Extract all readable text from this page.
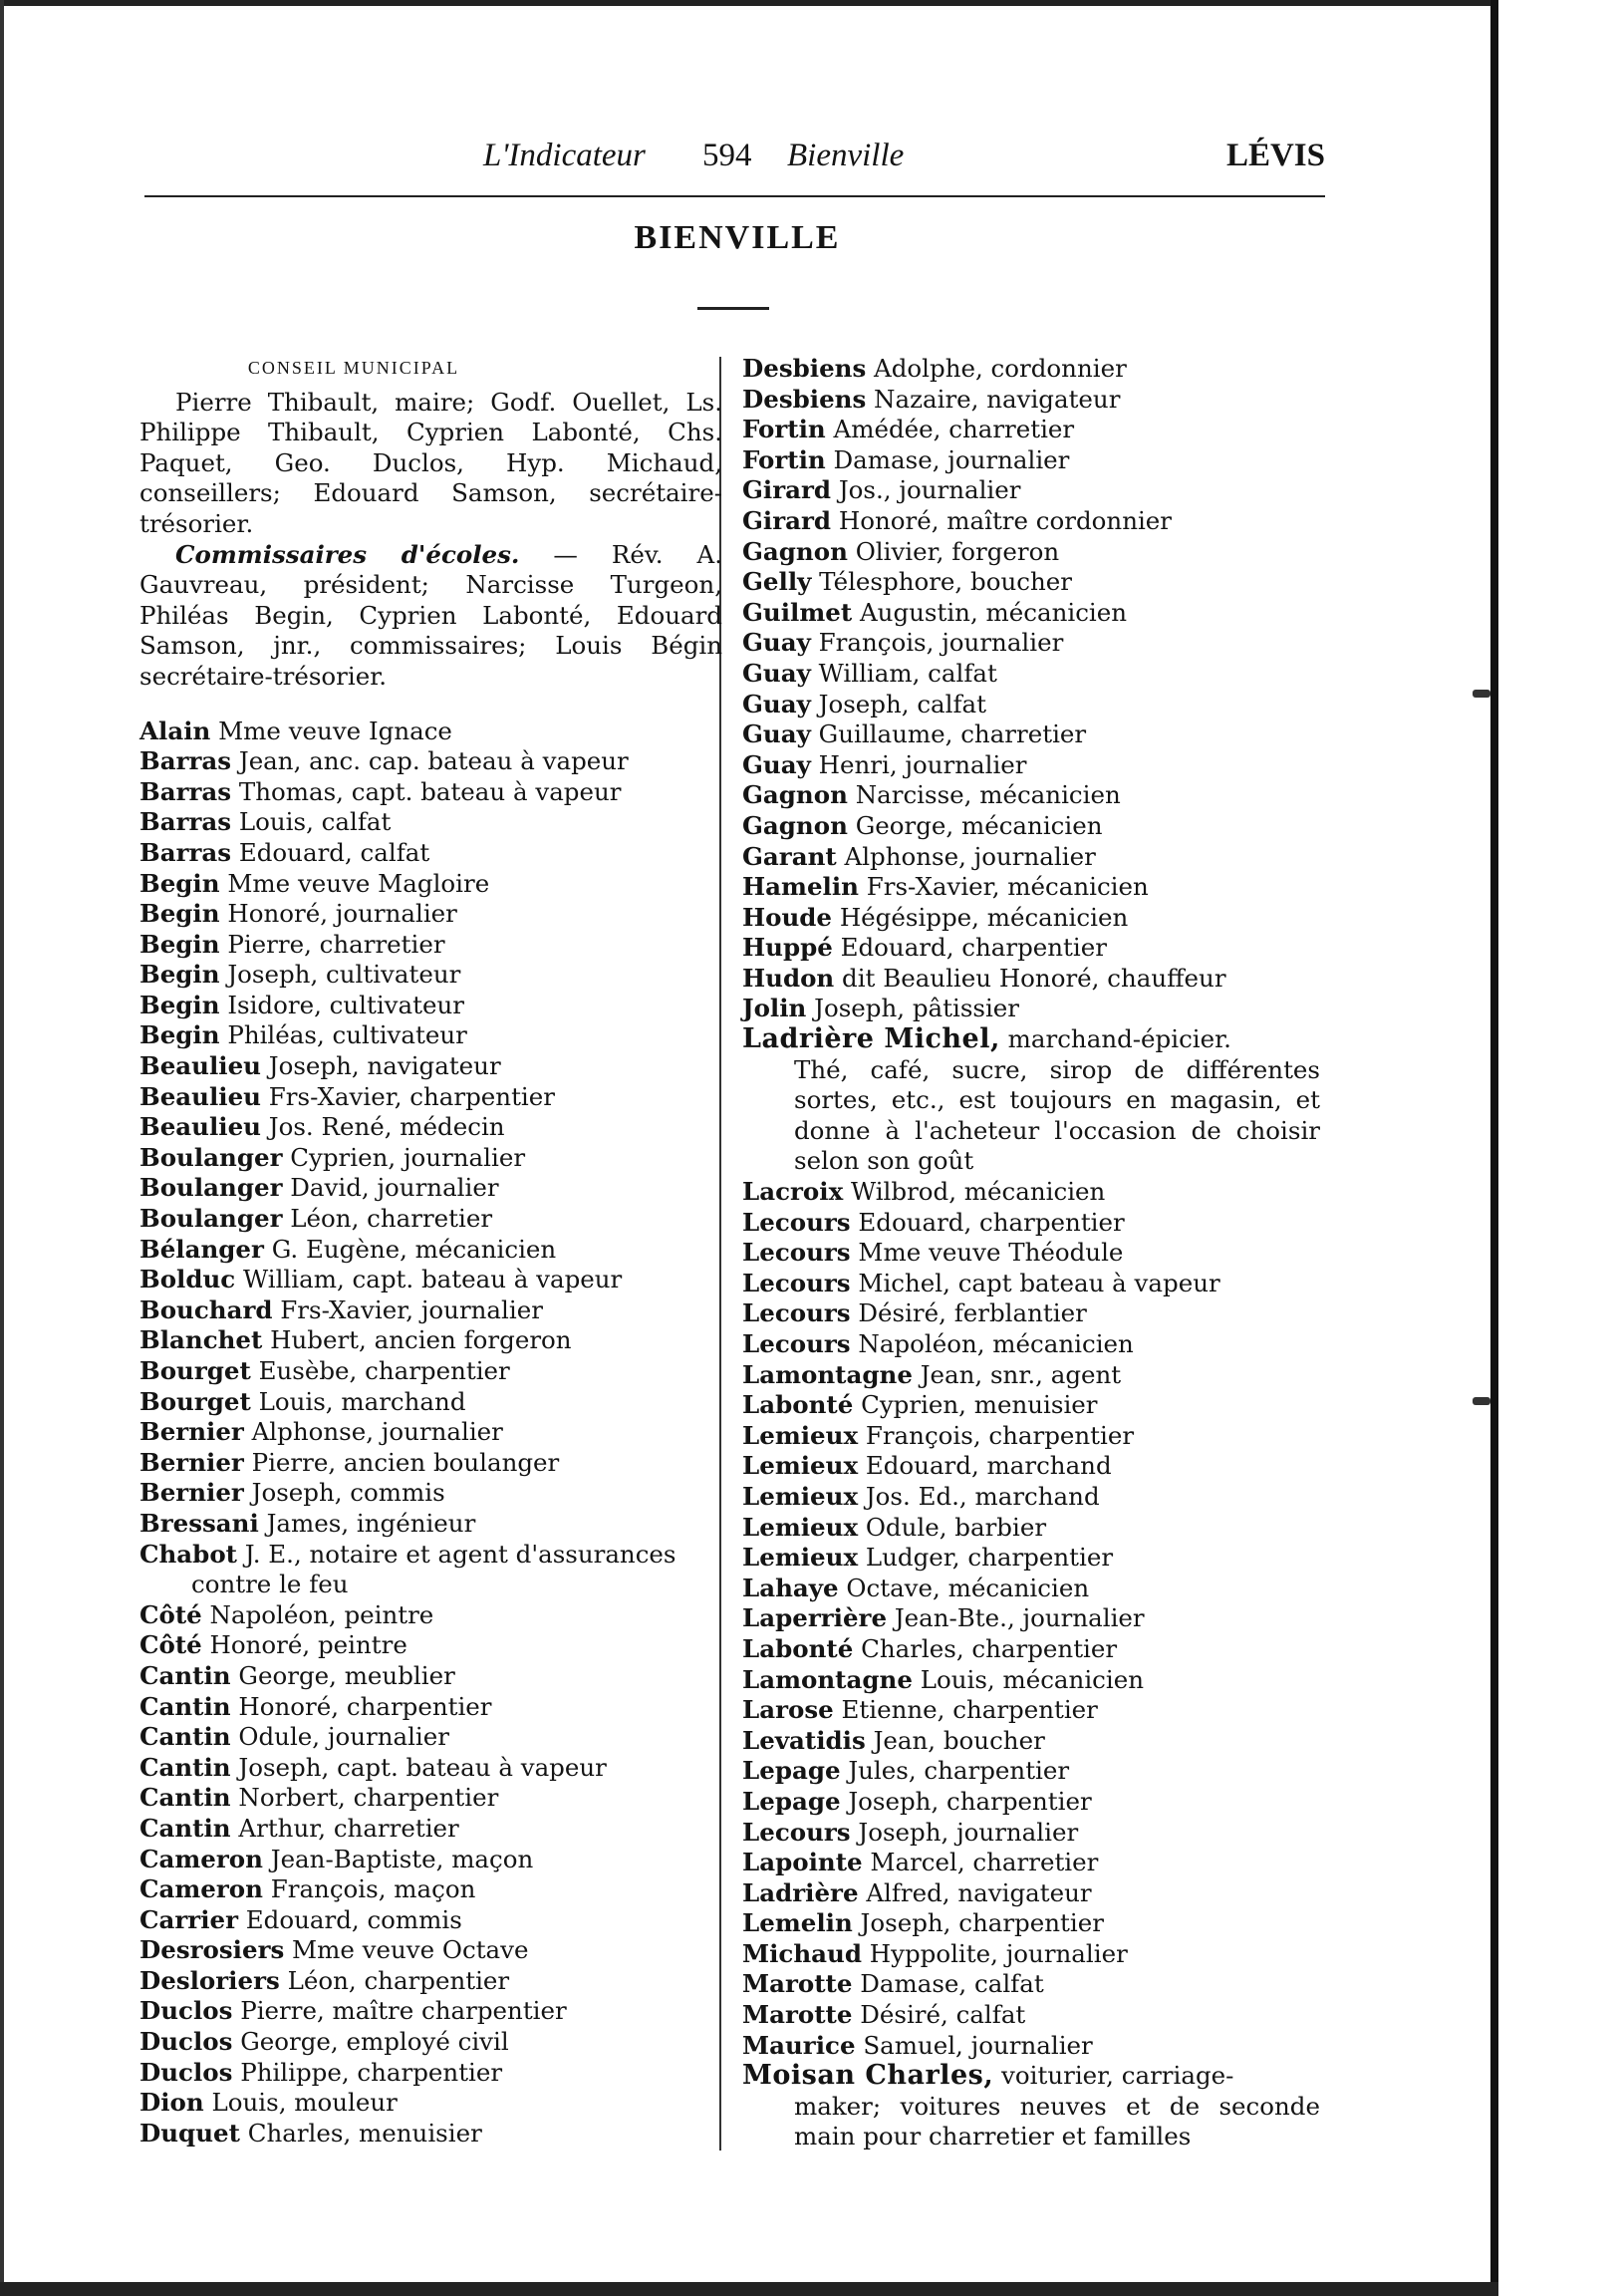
L'Indicateur 594 Bienville	LÉVIS
BIENVILLE
CONSEIL MUNICIPAL
Pierre Thibault, maire; Godf. Ouellet, Ls. Philippe Thibault, Cyprien Labonté, Chs. Paquet, Geo. Duclos, Hyp. Michaud, conseillers; Edouard Samson, secrétaire-trésorier.
Commissaires d'écoles. — Rév. A. Gauvreau, président; Narcisse Turgeon, Philéas Begin, Cyprien Labonté, Edouard Samson, jnr., commissaires; Louis Bégin secrétaire-trésorier.
Alain Mme veuve Ignace
Barras Jean, anc. cap. bateau à vapeur
Barras Thomas, capt. bateau à vapeur
Barras Louis, calfat
Barras Edouard, calfat
Begin Mme veuve Magloire
Begin Honoré, journalier
Begin Pierre, charretier
Begin Joseph, cultivateur
Begin Isidore, cultivateur
Begin Philéas, cultivateur
Beaulieu Joseph, navigateur
Beaulieu Frs-Xavier, charpentier
Beaulieu Jos. René, médecin
Boulanger Cyprien, journalier
Boulanger David, journalier
Boulanger Léon, charretier
Bélanger G. Eugène, mécanicien
Bolduc William, capt. bateau à vapeur
Bouchard Frs-Xavier, journalier
Blanchet Hubert, ancien forgeron
Bourget Eusèbe, charpentier
Bourget Louis, marchand
Bernier Alphonse, journalier
Bernier Pierre, ancien boulanger
Bernier Joseph, commis
Bressani James, ingénieur
Chabot J. E., notaire et agent d'assurances
contre le feu
Côté Napoléon, peintre
Côté Honoré, peintre
Cantin George, meublier
Cantin Honoré, charpentier
Cantin Odule, journalier
Cantin Joseph, capt. bateau à vapeur
Cantin Norbert, charpentier
Cantin Arthur, charretier
Cameron Jean-Baptiste, maçon
Cameron François, maçon
Carrier Edouard, commis
Desrosiers Mme veuve Octave
Desloriers Léon, charpentier
Duclos Pierre, maître charpentier
Duclos George, employé civil
Duclos Philippe, charpentier
Dion Louis, mouleur
Duquet Charles, menuisier
Desbiens Adolphe, cordonnier
Desbiens Nazaire, navigateur
Fortin Amédée, charretier
Fortin Damase, journalier
Girard Jos., journalier
Girard Honoré, maître cordonnier
Gagnon Olivier, forgeron
Gelly Télesphore, boucher
Guilmet Augustin, mécanicien
Guay François, journalier
Guay William, calfat
Guay Joseph, calfat
Guay Guillaume, charretier
Guay Henri, journalier
Gagnon Narcisse, mécanicien
Gagnon George, mécanicien
Garant Alphonse, journalier
Hamelin Frs-Xavier, mécanicien
Houde Hégésippe, mécanicien
Huppé Edouard, charpentier
Hudon dit Beaulieu Honoré, chauffeur
Jolin Joseph, pâtissier
Ladrière Michel, marchand-épicier.
Thé, café, sucre, sirop de différentes sortes, etc., est toujours en magasin, et donne à l'acheteur l'occasion de choisir selon son goût
Lacroix Wilbrod, mécanicien
Lecours Edouard, charpentier
Lecours Mme veuve Théodule
Lecours Michel, capt bateau à vapeur
Lecours Désiré, ferblantier
Lecours Napoléon, mécanicien
Lamontagne Jean, snr., agent
Labonté Cyprien, menuisier
Lemieux François, charpentier
Lemieux Edouard, marchand
Lemieux Jos. Ed., marchand
Lemieux Odule, barbier
Lemieux Ludger, charpentier
Lahaye Octave, mécanicien
Laperrière Jean-Bte., journalier
Labonté Charles, charpentier
Lamontagne Louis, mécanicien
Larose Etienne, charpentier
Levatidis Jean, boucher
Lepage Jules, charpentier
Lepage Joseph, charpentier
Lecours Joseph, journalier
Lapointe Marcel, charretier
Ladrière Alfred, navigateur
Lemelin Joseph, charpentier
Michaud Hyppolite, journalier
Marotte Damase, calfat
Marotte Désiré, calfat
Maurice Samuel, journalier
Moisan Charles, voiturier, carriage-
maker; voitures neuves et de seconde main pour charretier et familles
